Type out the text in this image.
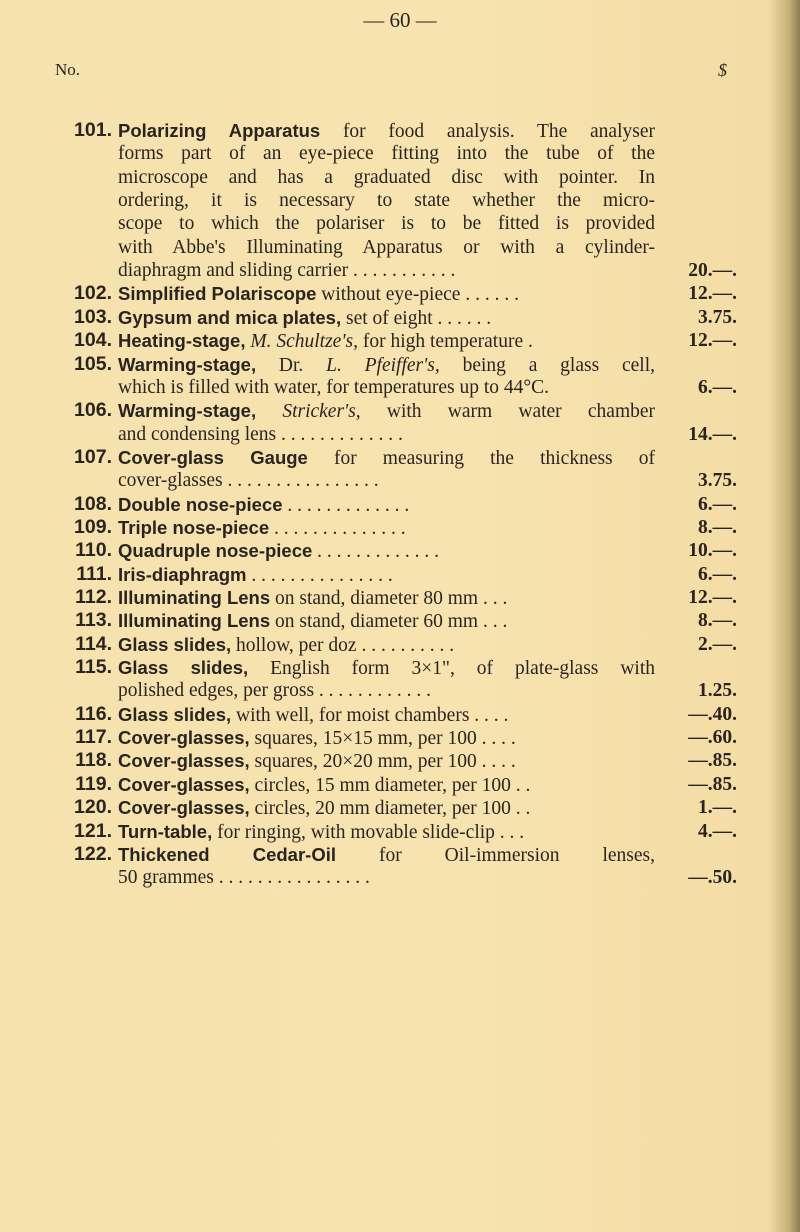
— 60 —
No.	$
101. Polarizing Apparatus for food analysis. The analyser
forms part of an eye-piece fitting into the tube of the
microscope and has a graduated disc with pointer. In
ordering, it is necessary to state whether the micro-
scope to which the polariser is to be fitted is provided
with Abbe's Illuminating Apparatus or with a cylinder-
diaphragm and sliding carrier . . . . . . . . . . .	20.—.
102. Simplified Polariscope without eye-piece . . . . . .	12.—.
103. Gypsum and mica plates, set of eight . . . . . .	3.75.
104. Heating-stage, M. Schultze's, for high temperature .	12.—.
105. Warming-stage, Dr. L. Pfeiffer's, being a glass cell,
which is filled with water, for temperatures up to 44°C.	6.—.
106. Warming-stage, Stricker's, with warm water chamber
and condensing lens . . . . . . . . . . . . .	14.—.
107. Cover-glass Gauge for measuring the thickness of
cover-glasses . . . . . . . . . . . . . . . .	3.75.
108. Double nose-piece . . . . . . . . . . . . .	6.—.
109. Triple nose-piece . . . . . . . . . . . . . .	8.—.
110. Quadruple nose-piece . . . . . . . . . . . . .	10.—.
111. Iris-diaphragm . . . . . . . . . . . . . . .	6.—.
112. Illuminating Lens on stand, diameter 80 mm . . .	12.—.
113. Illuminating Lens on stand, diameter 60 mm . . .	8.—.
114. Glass slides, hollow, per doz . . . . . . . . . .	2.—.
115. Glass slides, English form 3×1", of plate-glass with
polished edges, per gross . . . . . . . . . . . .	1.25.
116. Glass slides, with well, for moist chambers . . . .	—.40.
117. Cover-glasses, squares, 15×15 mm, per 100 . . . .	—.60.
118. Cover-glasses, squares, 20×20 mm, per 100 . . . .	—.85.
119. Cover-glasses, circles, 15 mm diameter, per 100 . .	—.85.
120. Cover-glasses, circles, 20 mm diameter, per 100 . .	1.—.
121. Turn-table, for ringing, with movable slide-clip . . .	4.—.
122. Thickened Cedar-Oil for Oil-immersion lenses,
50 grammes . . . . . . . . . . . . . . . .	—.50.
